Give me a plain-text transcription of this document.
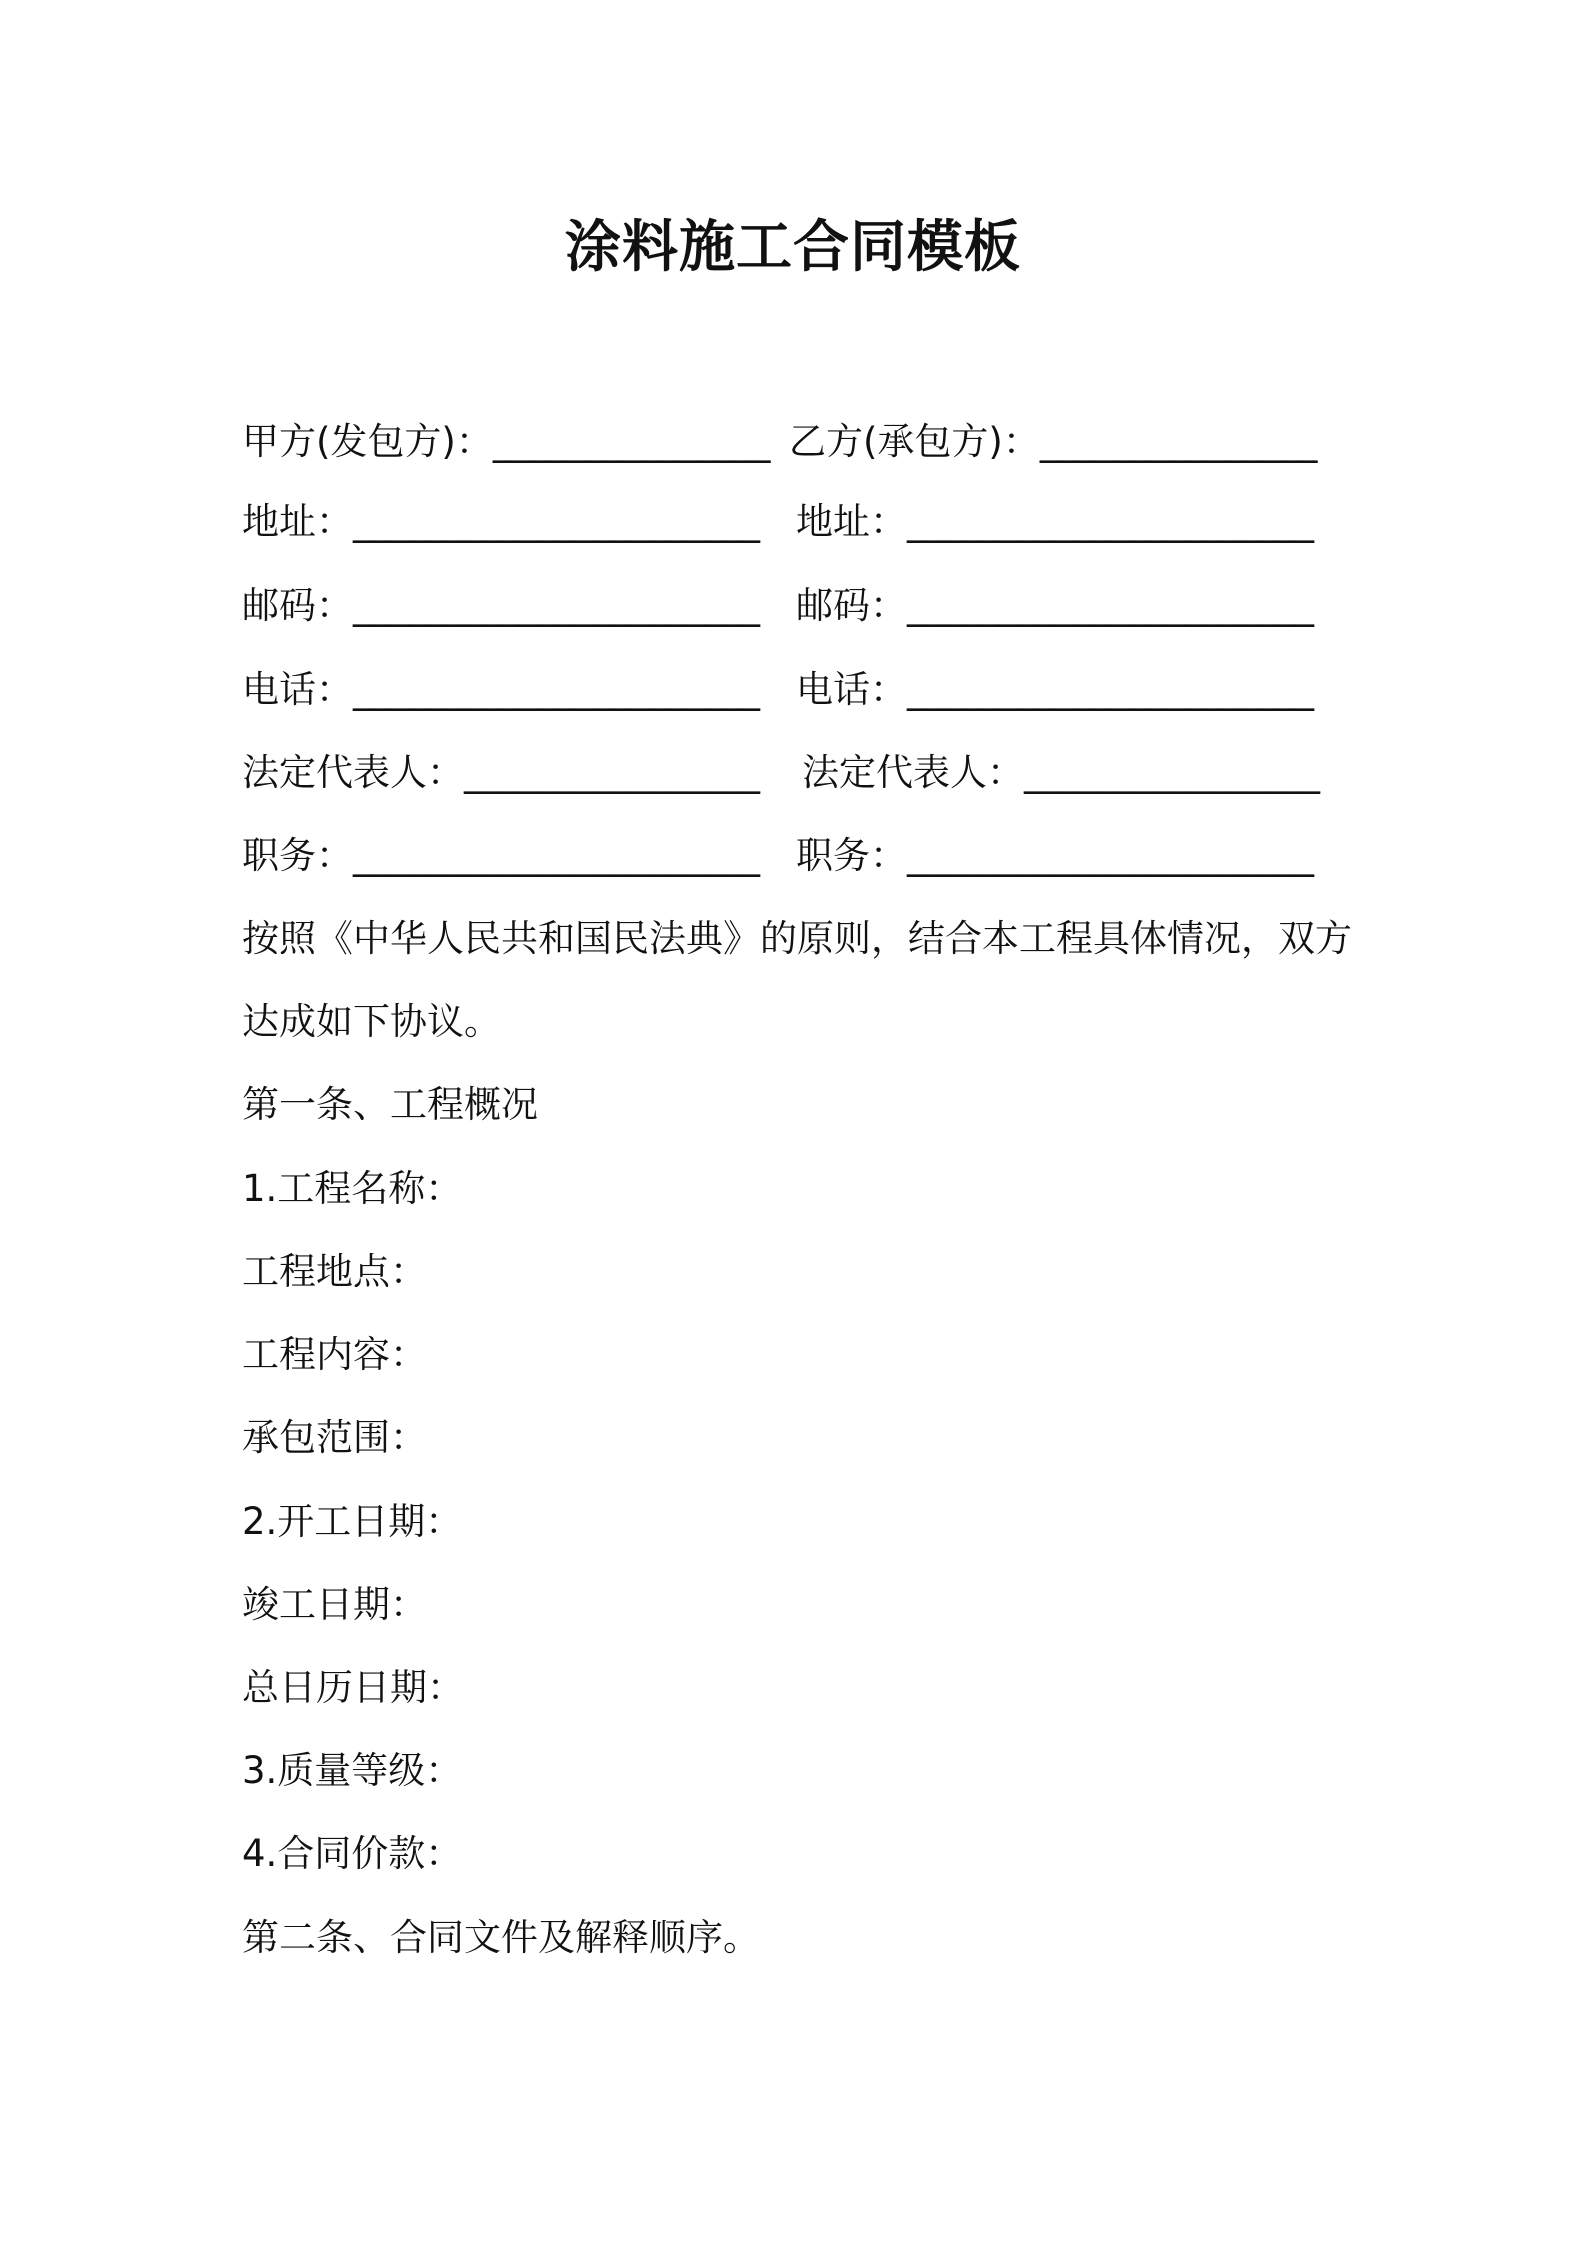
涂料施工合同模板
甲方(发包方)：_______________ 乙方(承包方)：_______________
地址：______________________ 地址：______________________
邮码：______________________ 邮码：______________________
电话：______________________ 电话：______________________
法定代表人：________________ 法定代表人：________________
职务：______________________ 职务：______________________
按照《中华人民共和国民法典》的原则，结合本工程具体情况，双方
达成如下协议。
第一条、工程概况
1.工程名称：
工程地点：
工程内容：
承包范围：
2.开工日期：
竣工日期：
总日历日期：
3.质量等级：
4.合同价款：
第二条、合同文件及解释顺序。
